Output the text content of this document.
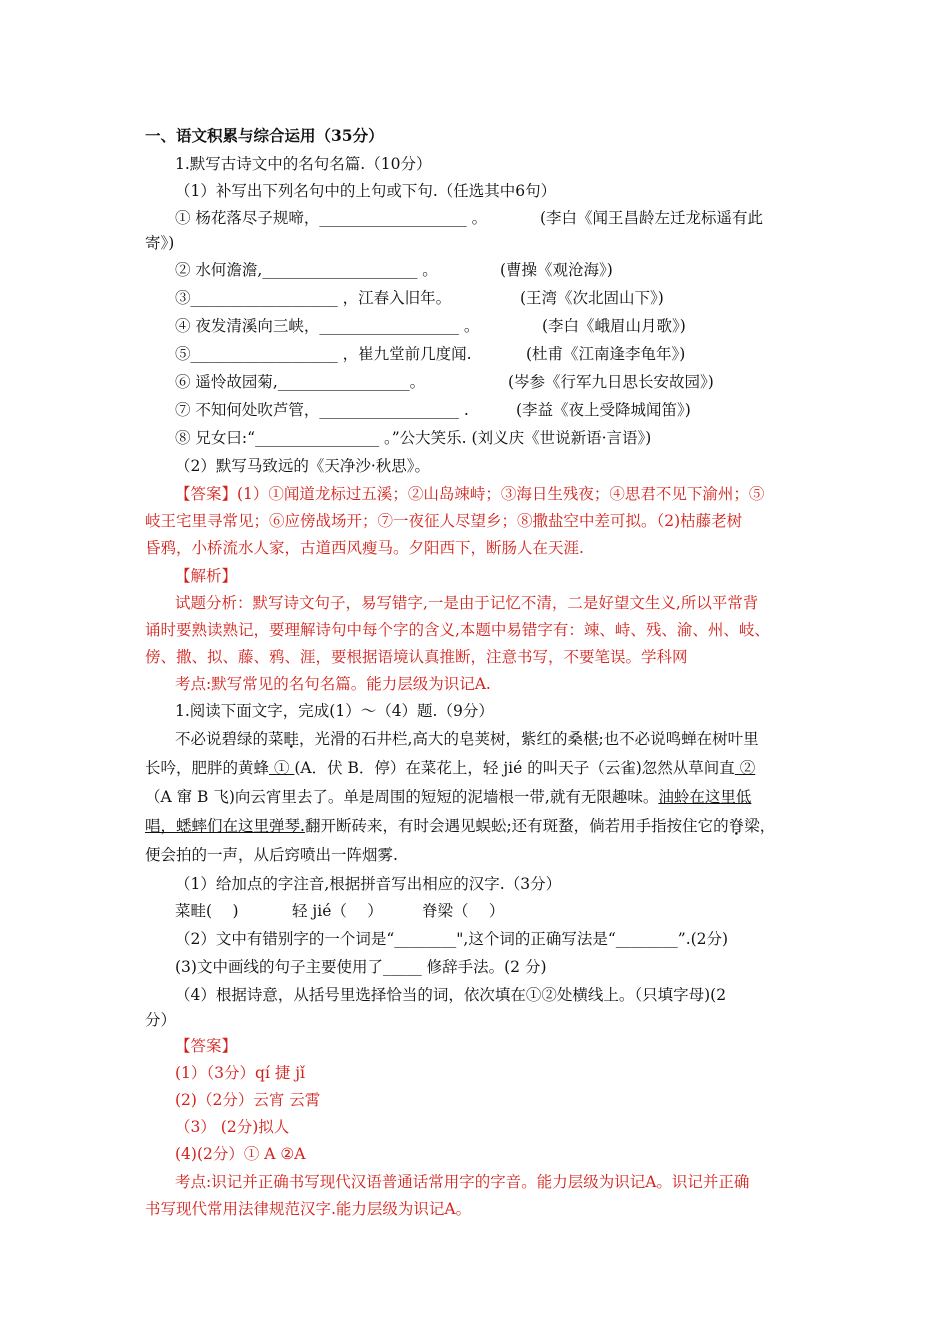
一、语文积累与综合运用（35分）
1.默写古诗文中的名句名篇.（10分）
（1）补写出下列名句中的上句或下句.（任选其中6句）
① 杨花落尽子规啼，___________________ 。	(李白《闻王昌龄左迁龙标遥有此
寄》)
② 水何澹澹,____________________ 。	(曹操《观沧海》)
③___________________ ，江春入旧年。	(王湾《次北固山下》)
④ 夜发清溪向三峡，__________________ 。	(李白《峨眉山月歌》)
⑤___________________ ，崔九堂前几度闻.	(杜甫《江南逢李龟年》)
⑥ 遥怜故园菊,_________________。	(岑参《行军九日思长安故园》)
⑦ 不知何处吹芦管，__________________ .	(李益《夜上受降城闻笛》)
⑧ 兄女曰:“________________ 。”公大笑乐. (刘义庆《世说新语·言语》)
（2）默写马致远的《天净沙·秋思》。
【答案】(1）①闻道龙标过五溪；②山岛竦峙；③海日生残夜；④思君不见下渝州；⑤
岐王宅里寻常见；⑥应傍战场开；⑦一夜征人尽望乡；⑧撒盐空中差可拟。（2)枯藤老树
昏鸦，小桥流水人家，古道西风瘦马。夕阳西下，断肠人在天涯.
【解析】
试题分析：默写诗文句子，易写错字,一是由于记忆不清，二是好望文生义,所以平常背
诵时要熟读熟记，要理解诗句中每个字的含义,本题中易错字有：竦、峙、残、渝、州、岐、
傍、撒、拟、藤、鸦、涯，要根据语境认真推断，注意书写，不要笔误。学科网
考点:默写常见的名句名篇。能力层级为识记A.
1.阅读下面文字，完成(1）～（4）题.（9分）
不必说碧绿的菜畦，光滑的石井栏,高大的皂荚树，紫红的桑椹;也不必说鸣蝉在树叶里
长吟，肥胖的黄蜂 ① (A．伏 B．停）在菜花上，轻 jié 的叫天子（云雀)忽然从草间直 ②
（A 窜 B 飞)向云宵里去了。单是周围的短短的泥墙根一带,就有无限趣味。油蛉在这里低
唱，蟋蟀们在这里弹琴.翻开断砖来，有时会遇见蜈蚣;还有斑蝥，倘若用手指按住它的脊梁，
便会拍的一声，从后窍喷出一阵烟雾.
（1）给加点的字注音,根据拼音写出相应的汉字.（3分）
菜畦(　 )	轻 jié（　 ）	脊梁（　 ）
（2）文中有错别字的一个词是“________",这个词的正确写法是“________”.(2分)
(3)文中画线的句子主要使用了_____ 修辞手法。(2 分)
（4）根据诗意，从括号里选择恰当的词，依次填在①②处横线上。（只填字母)(2
分）
【答案】
(1）（3分）qí 捷 jǐ
(2)（2分）云宵 云霄
（3） (2分)拟人
(4)(2分）① A ②A
考点:识记并正确书写现代汉语普通话常用字的字音。能力层级为识记A。识记并正确
书写现代常用法律规范汉字.能力层级为识记A。
